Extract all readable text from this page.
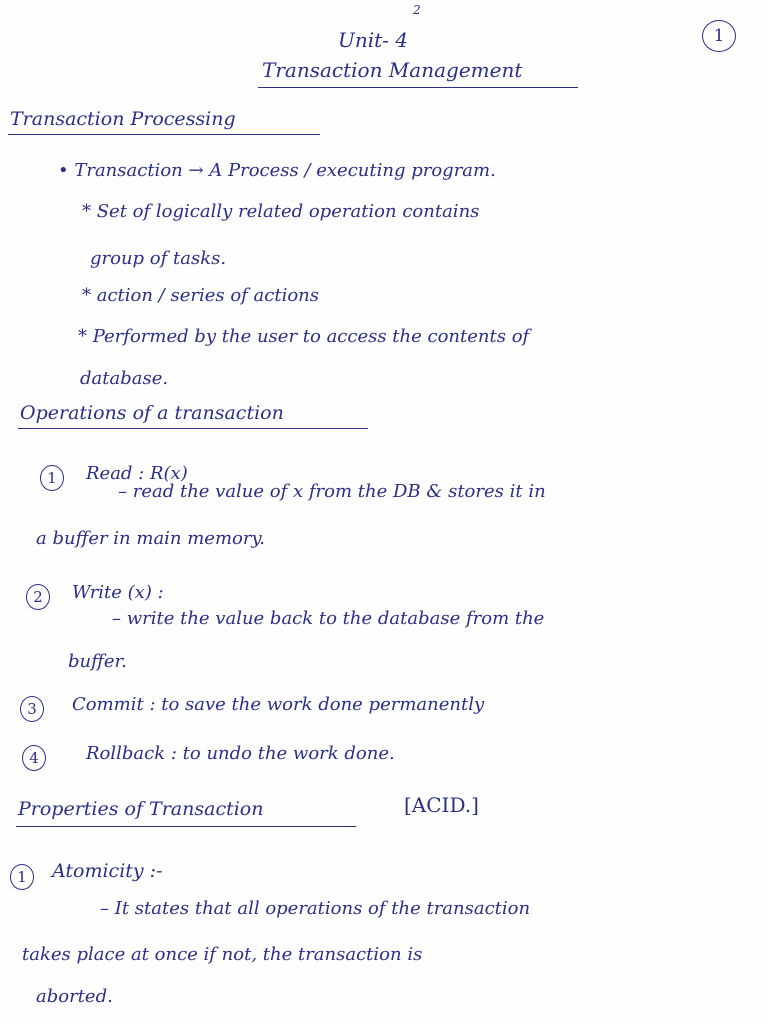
2
Unit- 4
Transaction Management
1
Transaction Processing
• Transaction → A Process / executing program.
* Set of logically related operation contains
group of tasks.
* action / series of actions
* Performed by the user to access the contents of
database.
Operations of a transaction
1	Read : R(x)
– read the value of x from the DB & stores it in
a buffer in main memory.
2	Write (x) :
– write the value back to the database from the
buffer.
3	Commit : to save the work done permanently
4	Rollback : to undo the work done.
Properties of Transaction	[ACID.]
1	Atomicity :-
– It states that all operations of the transaction
takes place at once if not, the transaction is
aborted.
